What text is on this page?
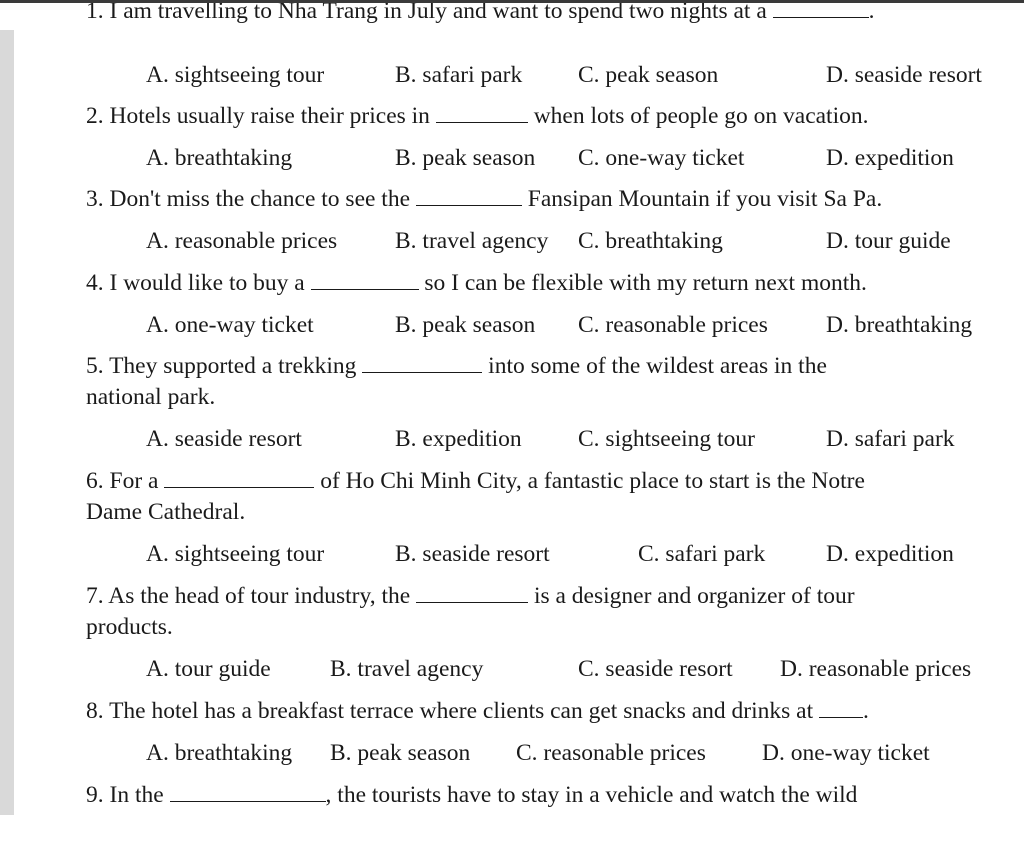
1. I am travelling to Nha Trang in July and want to spend two nights at a	.
A. sightseeing tour	B. safari park C. peak season	D. seaside resort
2. Hotels usually raise their prices in	when lots of people go on vacation.
A. breathtaking	B. peak season C. one-way ticket	D. expedition
3. Don't miss the chance to see the	Fansipan Mountain if you visit Sa Pa.
A. reasonable prices B. travel agency C. breathtaking	D. tour guide
4. I would like to buy a	so I can be flexible with my return next month.
A. one-way ticket	B. peak season C. reasonable prices D. breathtaking
5. They supported a trekking	into some of the wildest areas in the
national park.
A. seaside resort	B. expedition C. sightseeing tour	D. safari park
6. For a	of Ho Chi Minh City, a fantastic place to start is the Notre
Dame Cathedral.
A. sightseeing tour	B. seaside resort	C. safari park	D. expedition
7. As the head of tour industry, the	is a designer and organizer of tour
products.
A. tour guide	B. travel agency	C. seaside resort D. reasonable prices
8. The hotel has a breakfast terrace where clients can get snacks and drinks at .
A. breathtaking B. peak season C. reasonable prices D. one-way ticket
9. In the	, the tourists have to stay in a vehicle and watch the wild
